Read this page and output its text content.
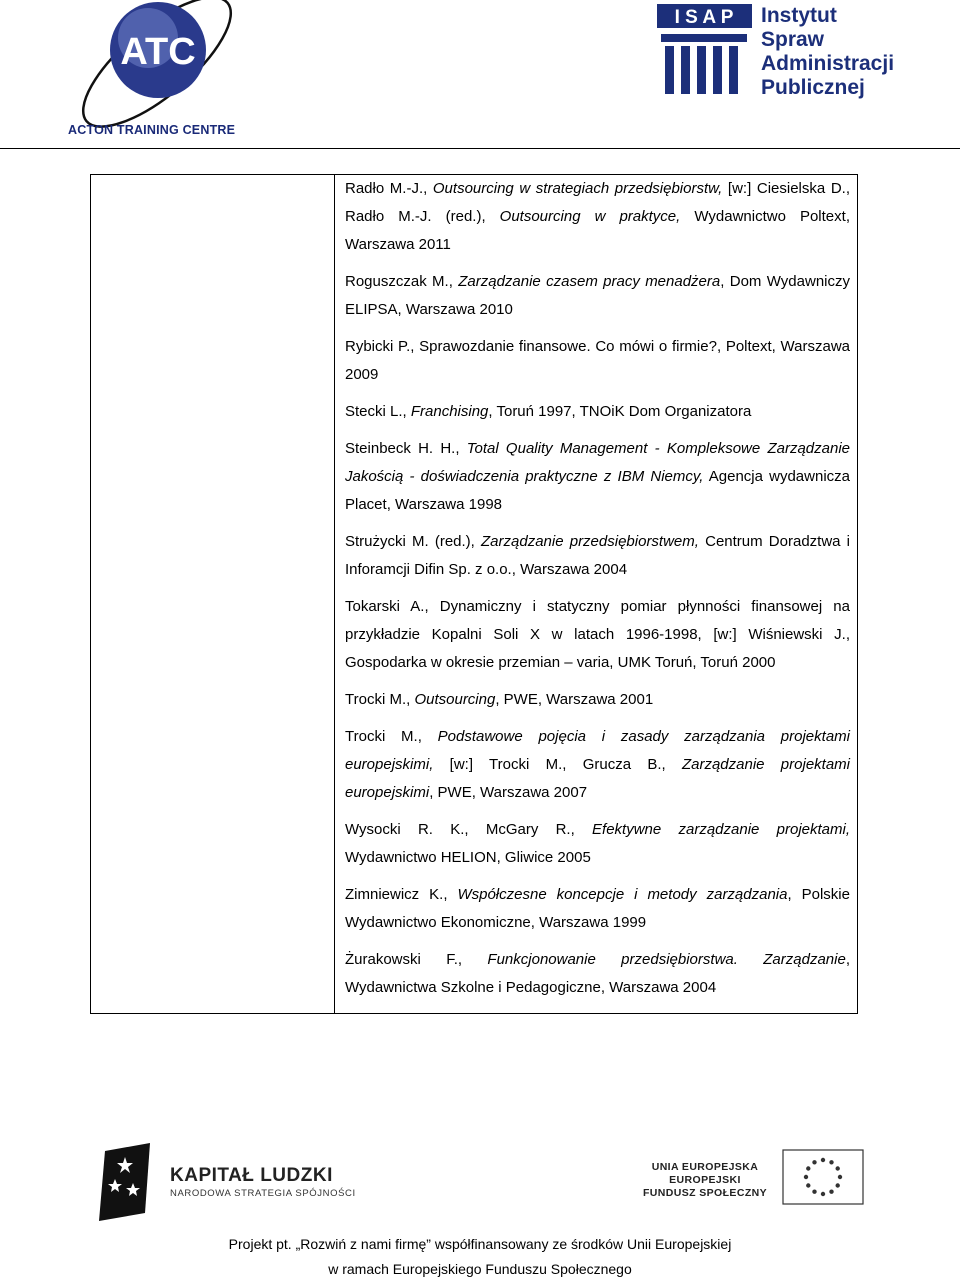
ATC
ACTON TRAINING CENTRE
I S A P Instytut
Spraw
Administracji
Publicznej
Radło M.-J., Outsourcing w strategiach przedsiębiorstw, [w:] Ciesielska D., Radło M.-J. (red.), Outsourcing w praktyce, Wydawnictwo Poltext, Warszawa 2011
Roguszczak M., Zarządzanie czasem pracy menadżera, Dom Wydawniczy ELIPSA, Warszawa 2010
Rybicki P., Sprawozdanie finansowe. Co mówi o firmie?, Poltext, Warszawa 2009
Stecki L., Franchising, Toruń 1997, TNOiK Dom Organizatora
Steinbeck H. H., Total Quality Management - Kompleksowe Zarządzanie Jakością - doświadczenia praktyczne z IBM Niemcy, Agencja wydawnicza Placet, Warszawa 1998
Strużycki M. (red.), Zarządzanie przedsiębiorstwem, Centrum Doradztwa i Inforamcji Difin Sp. z o.o., Warszawa 2004
Tokarski A., Dynamiczny i statyczny pomiar płynności finansowej na przykładzie Kopalni Soli X w latach 1996-1998, [w:] Wiśniewski J., Gospodarka w okresie przemian – varia, UMK Toruń, Toruń 2000
Trocki M., Outsourcing, PWE, Warszawa 2001
Trocki M., Podstawowe pojęcia i zasady zarządzania projektami europejskimi, [w:] Trocki M., Grucza B., Zarządzanie projektami europejskimi, PWE, Warszawa 2007
Wysocki R. K., McGary R., Efektywne zarządzanie projektami, Wydawnictwo HELION, Gliwice 2005
Zimniewicz K., Współczesne koncepcje i metody zarządzania, Polskie Wydawnictwo Ekonomiczne, Warszawa 1999
Żurakowski F., Funkcjonowanie przedsiębiorstwa. Zarządzanie, Wydawnictwa Szkolne i Pedagogiczne, Warszawa 2004
KAPITAŁ LUDZKI
NARODOWA STRATEGIA SPÓJNOŚCI
UNIA EUROPEJSKA
EUROPEJSKI
FUNDUSZ SPOŁECZNY
Projekt pt. „Rozwiń z nami firmę” współfinansowany ze środków Unii Europejskiej
w ramach Europejskiego Funduszu Społecznego
